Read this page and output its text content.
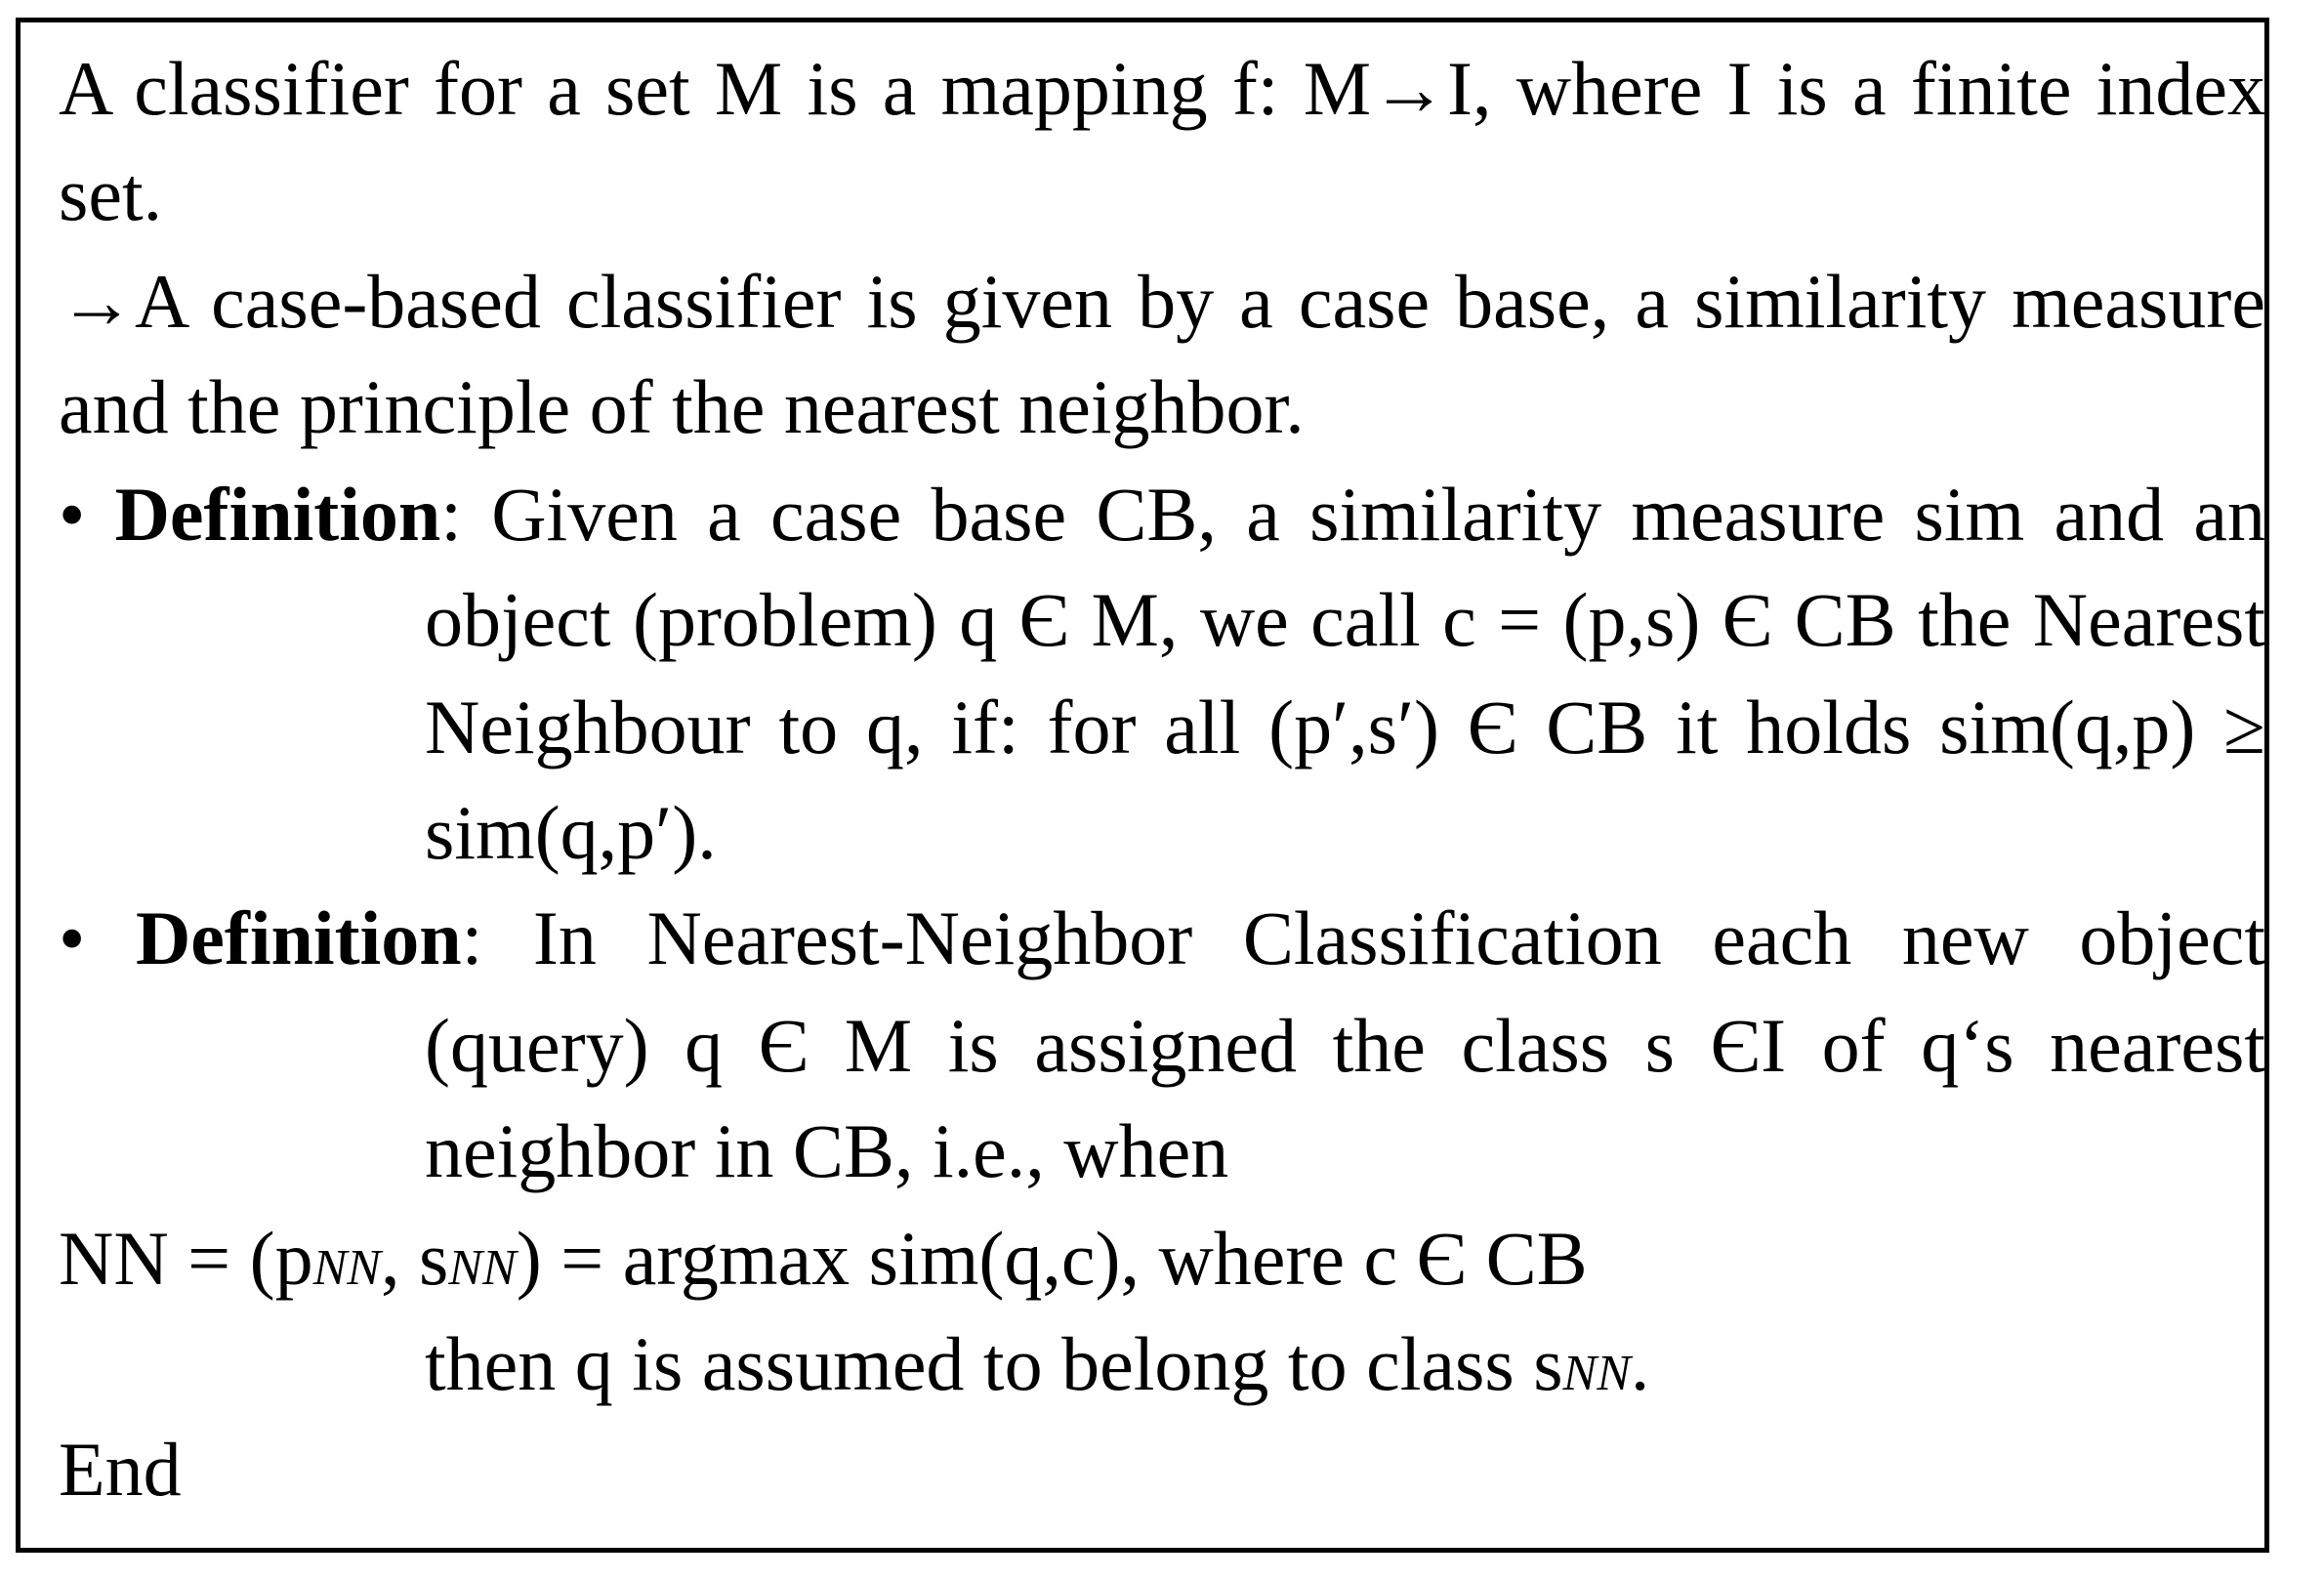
A classifier for a set M is a mapping f: M→I, where I is a finite index
set.
→A case-based classifier is given by a case base, a similarity measure
and the principle of the nearest neighbor.
• Definition: Given a case base CB, a similarity measure sim and an
object (problem) q Є M, we call c = (p,s) Є CB the Nearest
Neighbour to q, if: for all (p′,s′) Є CB it holds sim(q,p) ≥
sim(q,p′).
• Definition: In Nearest-Neighbor Classification each new object
(query) q Є M is assigned the class s ЄI of q‘s nearest
neighbor in CB, i.e., when
NN = (pNN, sNN) = argmax sim(q,c), where c Є CB
then q is assumed to belong to class sNN.
End
